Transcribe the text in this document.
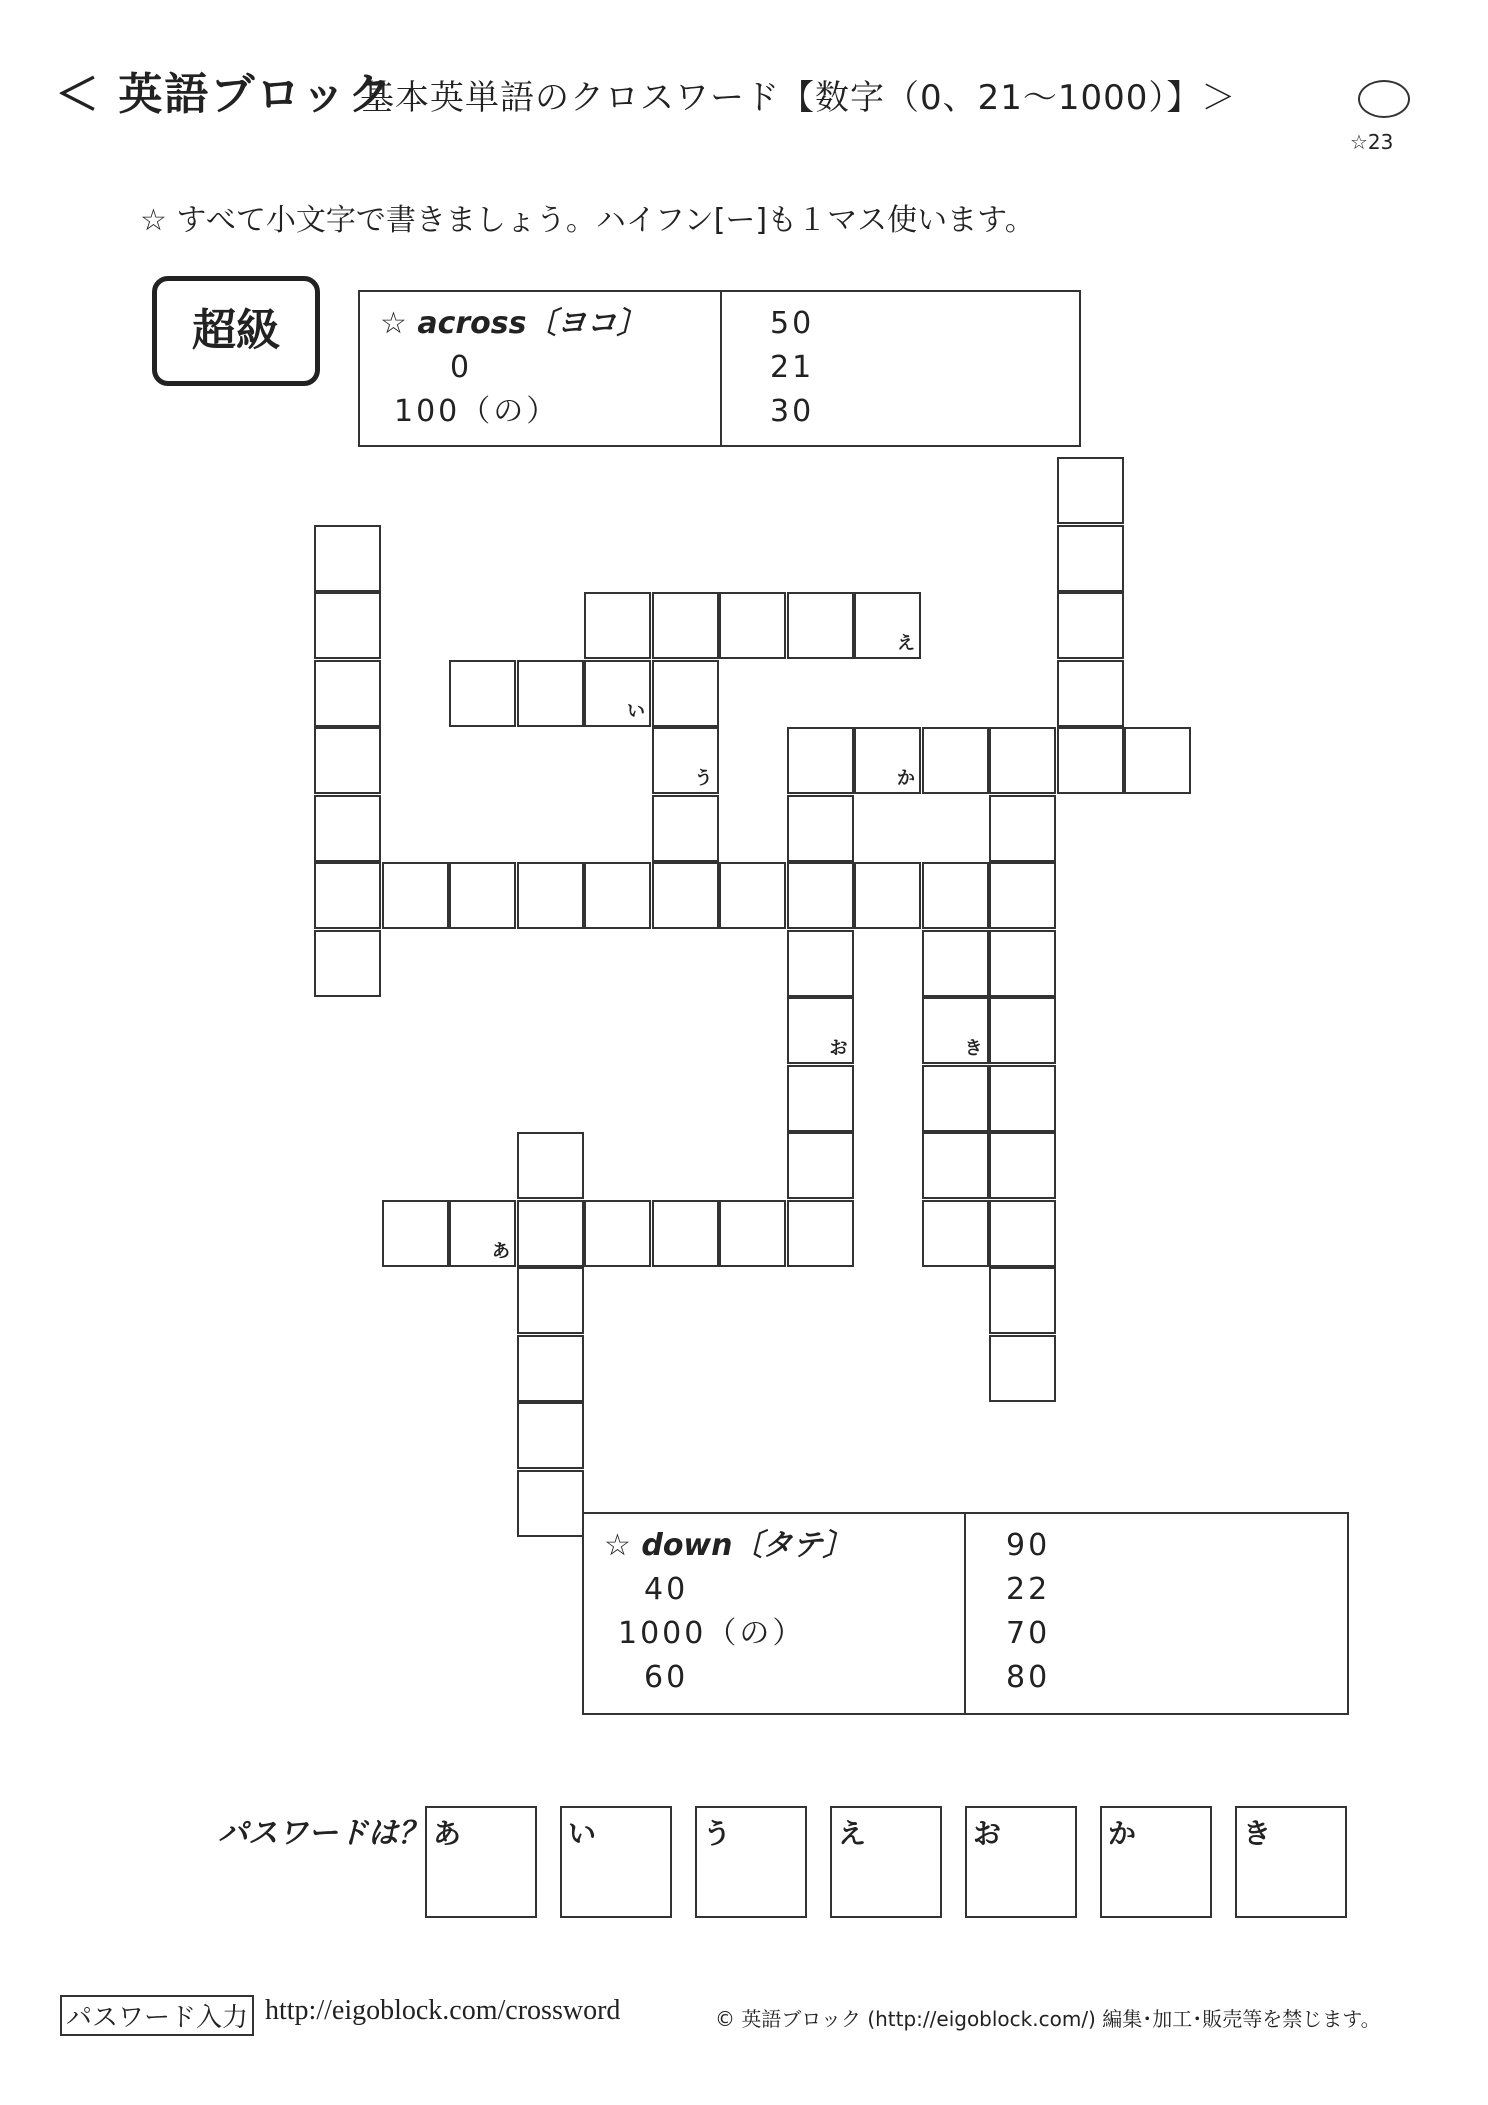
＜ 英語ブロック
基本英単語のクロスワード【数字（0、21～1000）】＞
☆23
☆ すべて小文字で書きましょう。ハイフン[ー]も１マス使います。
超級	☆ across〔ヨコ〕
0
100（の）

50
21
30
え
い
か
あ
う
お	き
☆ down〔タテ〕
40
1000（の）
60

90
22
70
80
パスワードは？ あ	い	う	え	お	か	き
パスワード入力 http://eigoblock.com/crossword	© 英語ブロック (http://eigoblock.com/) 編集･加工･販売等を禁じます。
